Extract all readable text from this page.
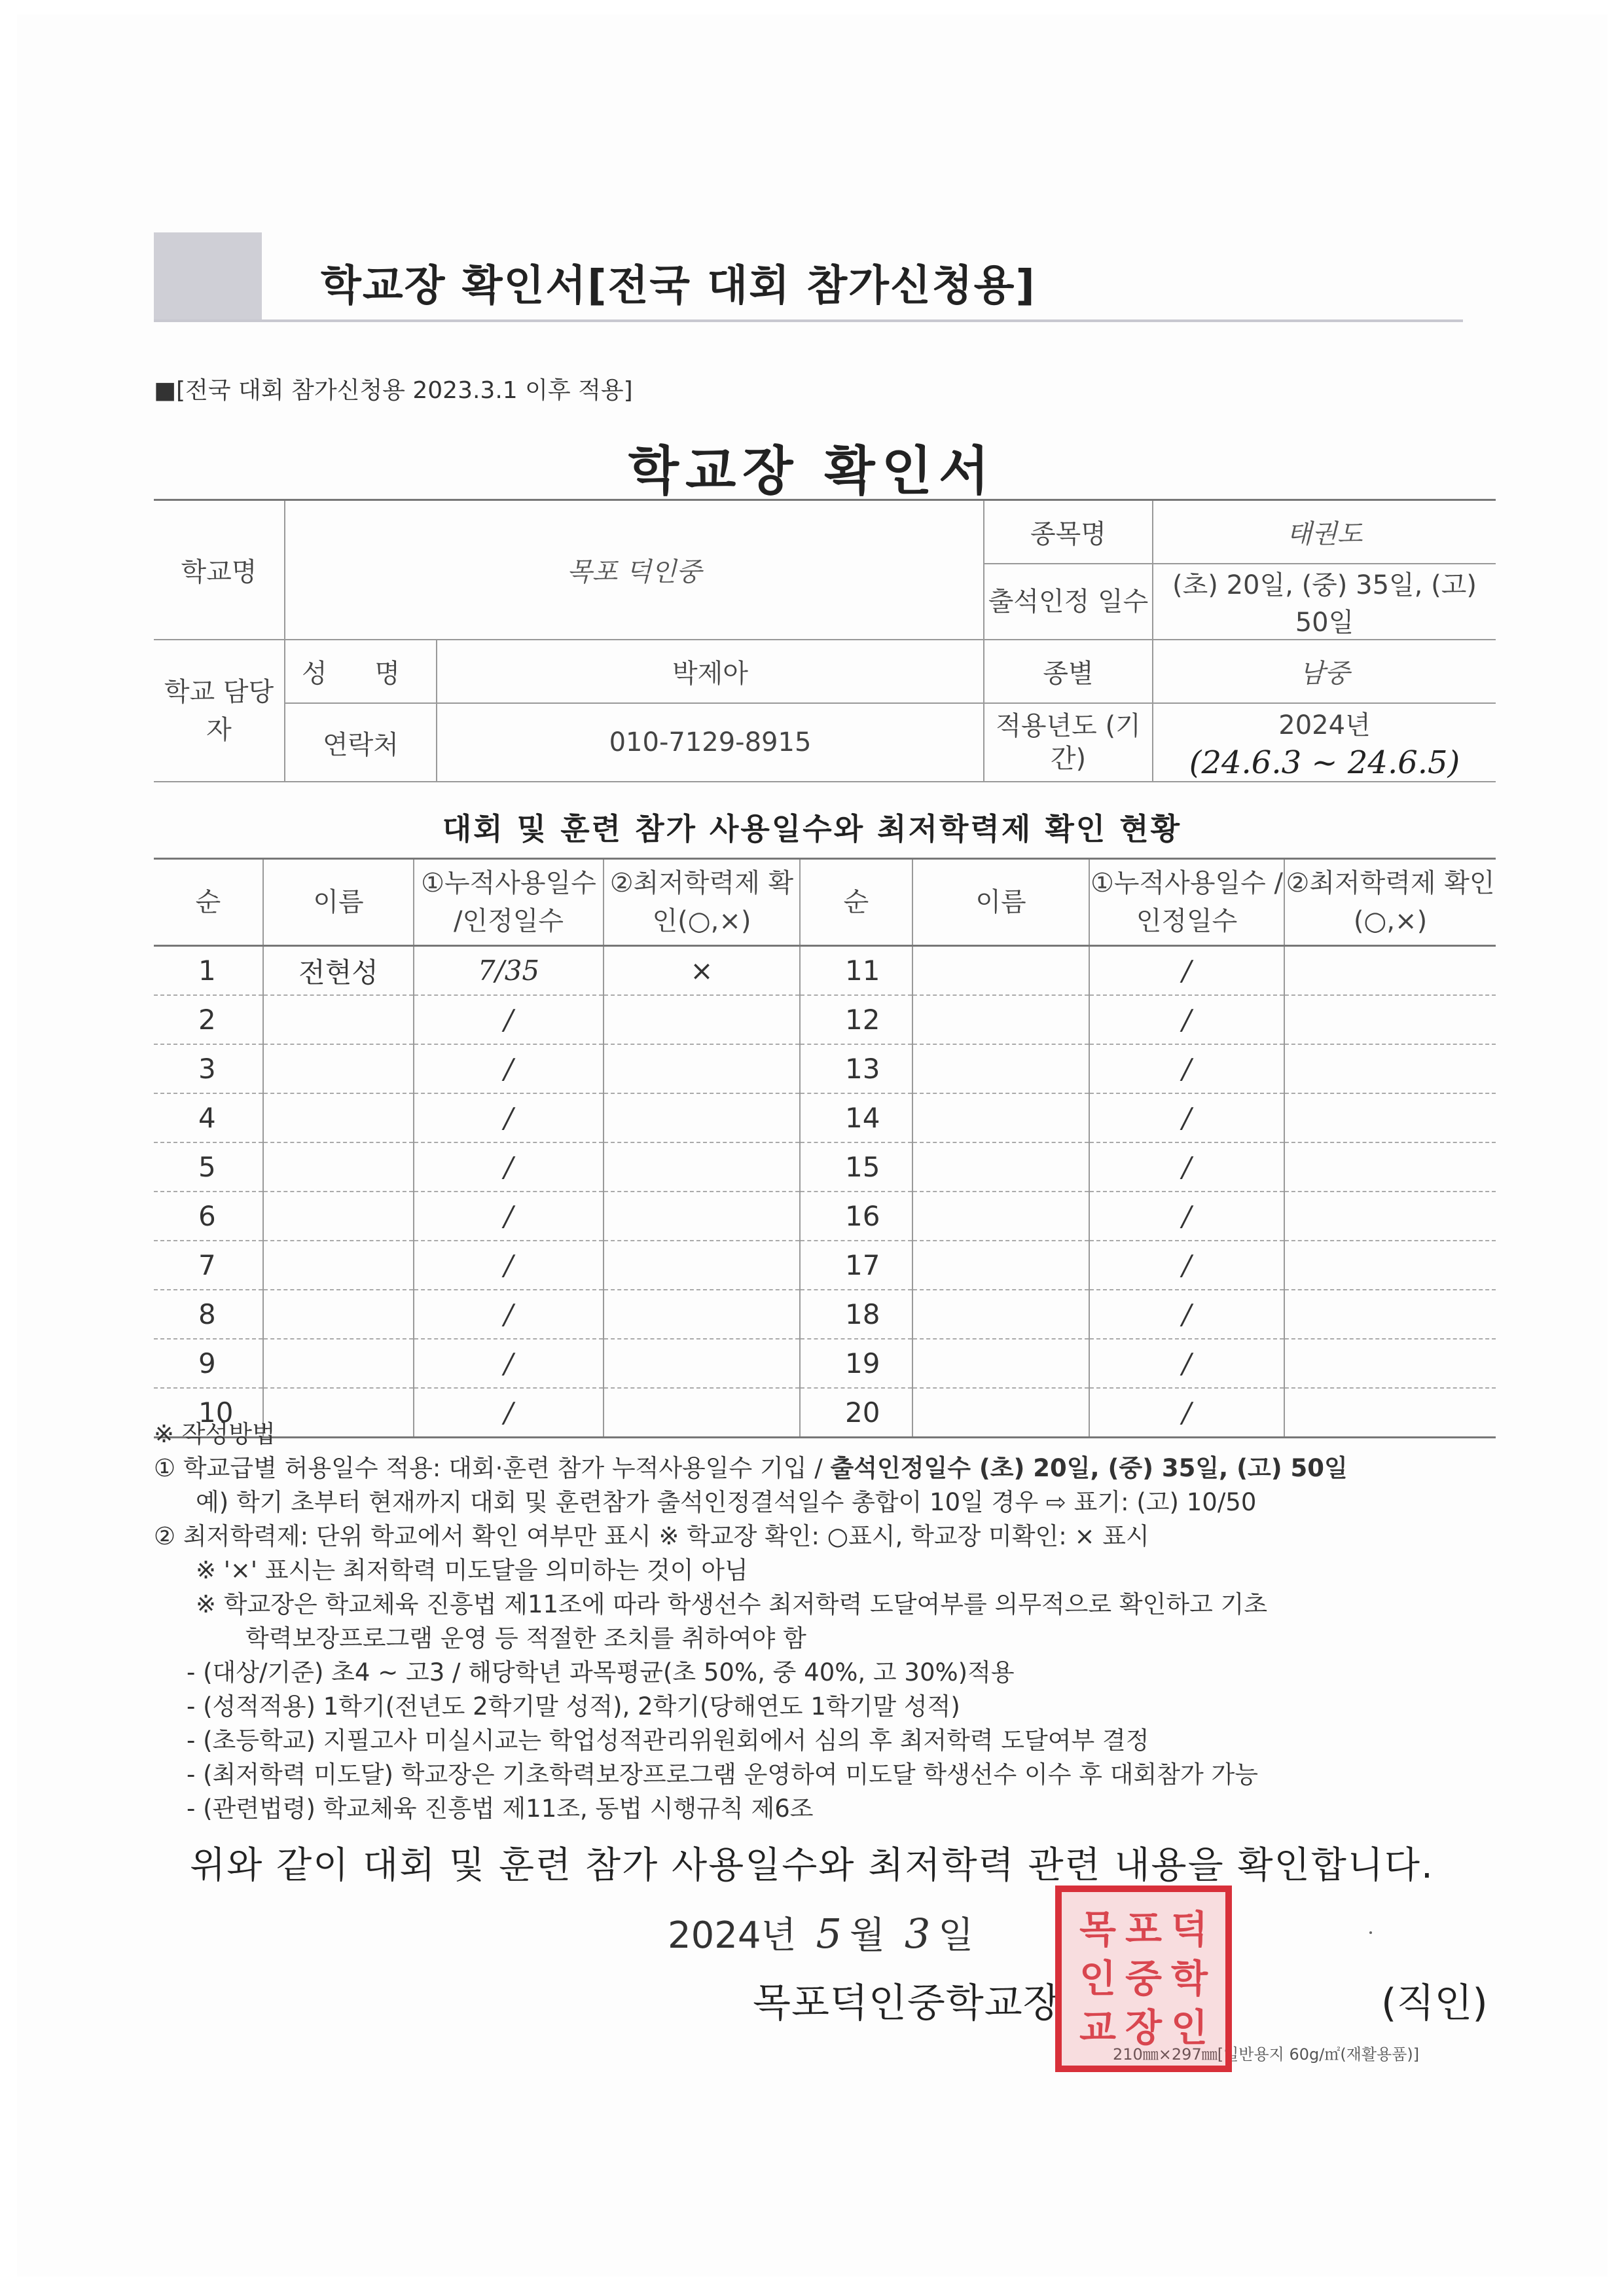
학교장 확인서[전국 대회 참가신청용]
■[전국 대회 참가신청용 2023.3.1 이후 적용]
학교장 확인서
학교명	목포 덕인중		종목명	태권도
			출석인정 일수	(초) 20일, (중) 35일, (고) 50일
학교 담당자	성 명	박제아	종별	남중
	연락처	010-7129-8915	적용년도 (기간)	2024년
(24.6.3 ~ 24.6.5)
대회 및 훈련 참가 사용일수와 최저학력제 확인 현황
순	이름	①누적사용일수 /인정일수	②최저학력제 확인(○,×)	순	이름	①누적사용일수 /인정일수	②최저학력제 확인(○,×)
1	전현성	7/35	×	11		/	
2		/		12		/	
3		/		13		/	
4		/		14		/	
5		/		15		/	
6		/		16		/	
7		/		17		/	
8		/		18		/	
9		/		19		/	
10		/		20		/	
※ 작성방법
① 학교급별 허용일수 적용: 대회·훈련 참가 누적사용일수 기입 / 출석인정일수 (초) 20일, (중) 35일, (고) 50일
예) 학기 초부터 현재까지 대회 및 훈련참가 출석인정결석일수 총합이 10일 경우 ⇨ 표기: (고) 10/50
② 최저학력제: 단위 학교에서 확인 여부만 표시 ※ 학교장 확인: ○표시, 학교장 미확인: × 표시
※ '×' 표시는 최저학력 미도달을 의미하는 것이 아님
※ 학교장은 학교체육 진흥법 제11조에 따라 학생선수 최저학력 도달여부를 의무적으로 확인하고 기초
학력보장프로그램 운영 등 적절한 조치를 취하여야 함
- (대상/기준) 초4 ~ 고3 / 해당학년 과목평균(초 50%, 중 40%, 고 30%)적용
- (성적적용) 1학기(전년도 2학기말 성적), 2학기(당해연도 1학기말 성적)
- (초등학교) 지필고사 미실시교는 학업성적관리위원회에서 심의 후 최저학력 도달여부 결정
- (최저학력 미도달) 학교장은 기초학력보장프로그램 운영하여 미도달 학생선수 이수 후 대회참가 가능
- (관련법령) 학교체육 진흥법 제11조, 동법 시행규칙 제6조
위와 같이 대회 및 훈련 참가 사용일수와 최저학력 관련 내용을 확인합니다.
2024년 5 월 3 일
목포덕인중학교장	(직인)
210㎜×297㎜[일반용지 60g/㎡(재활용품)]
목 포 덕
인 중 학
교 장 인
